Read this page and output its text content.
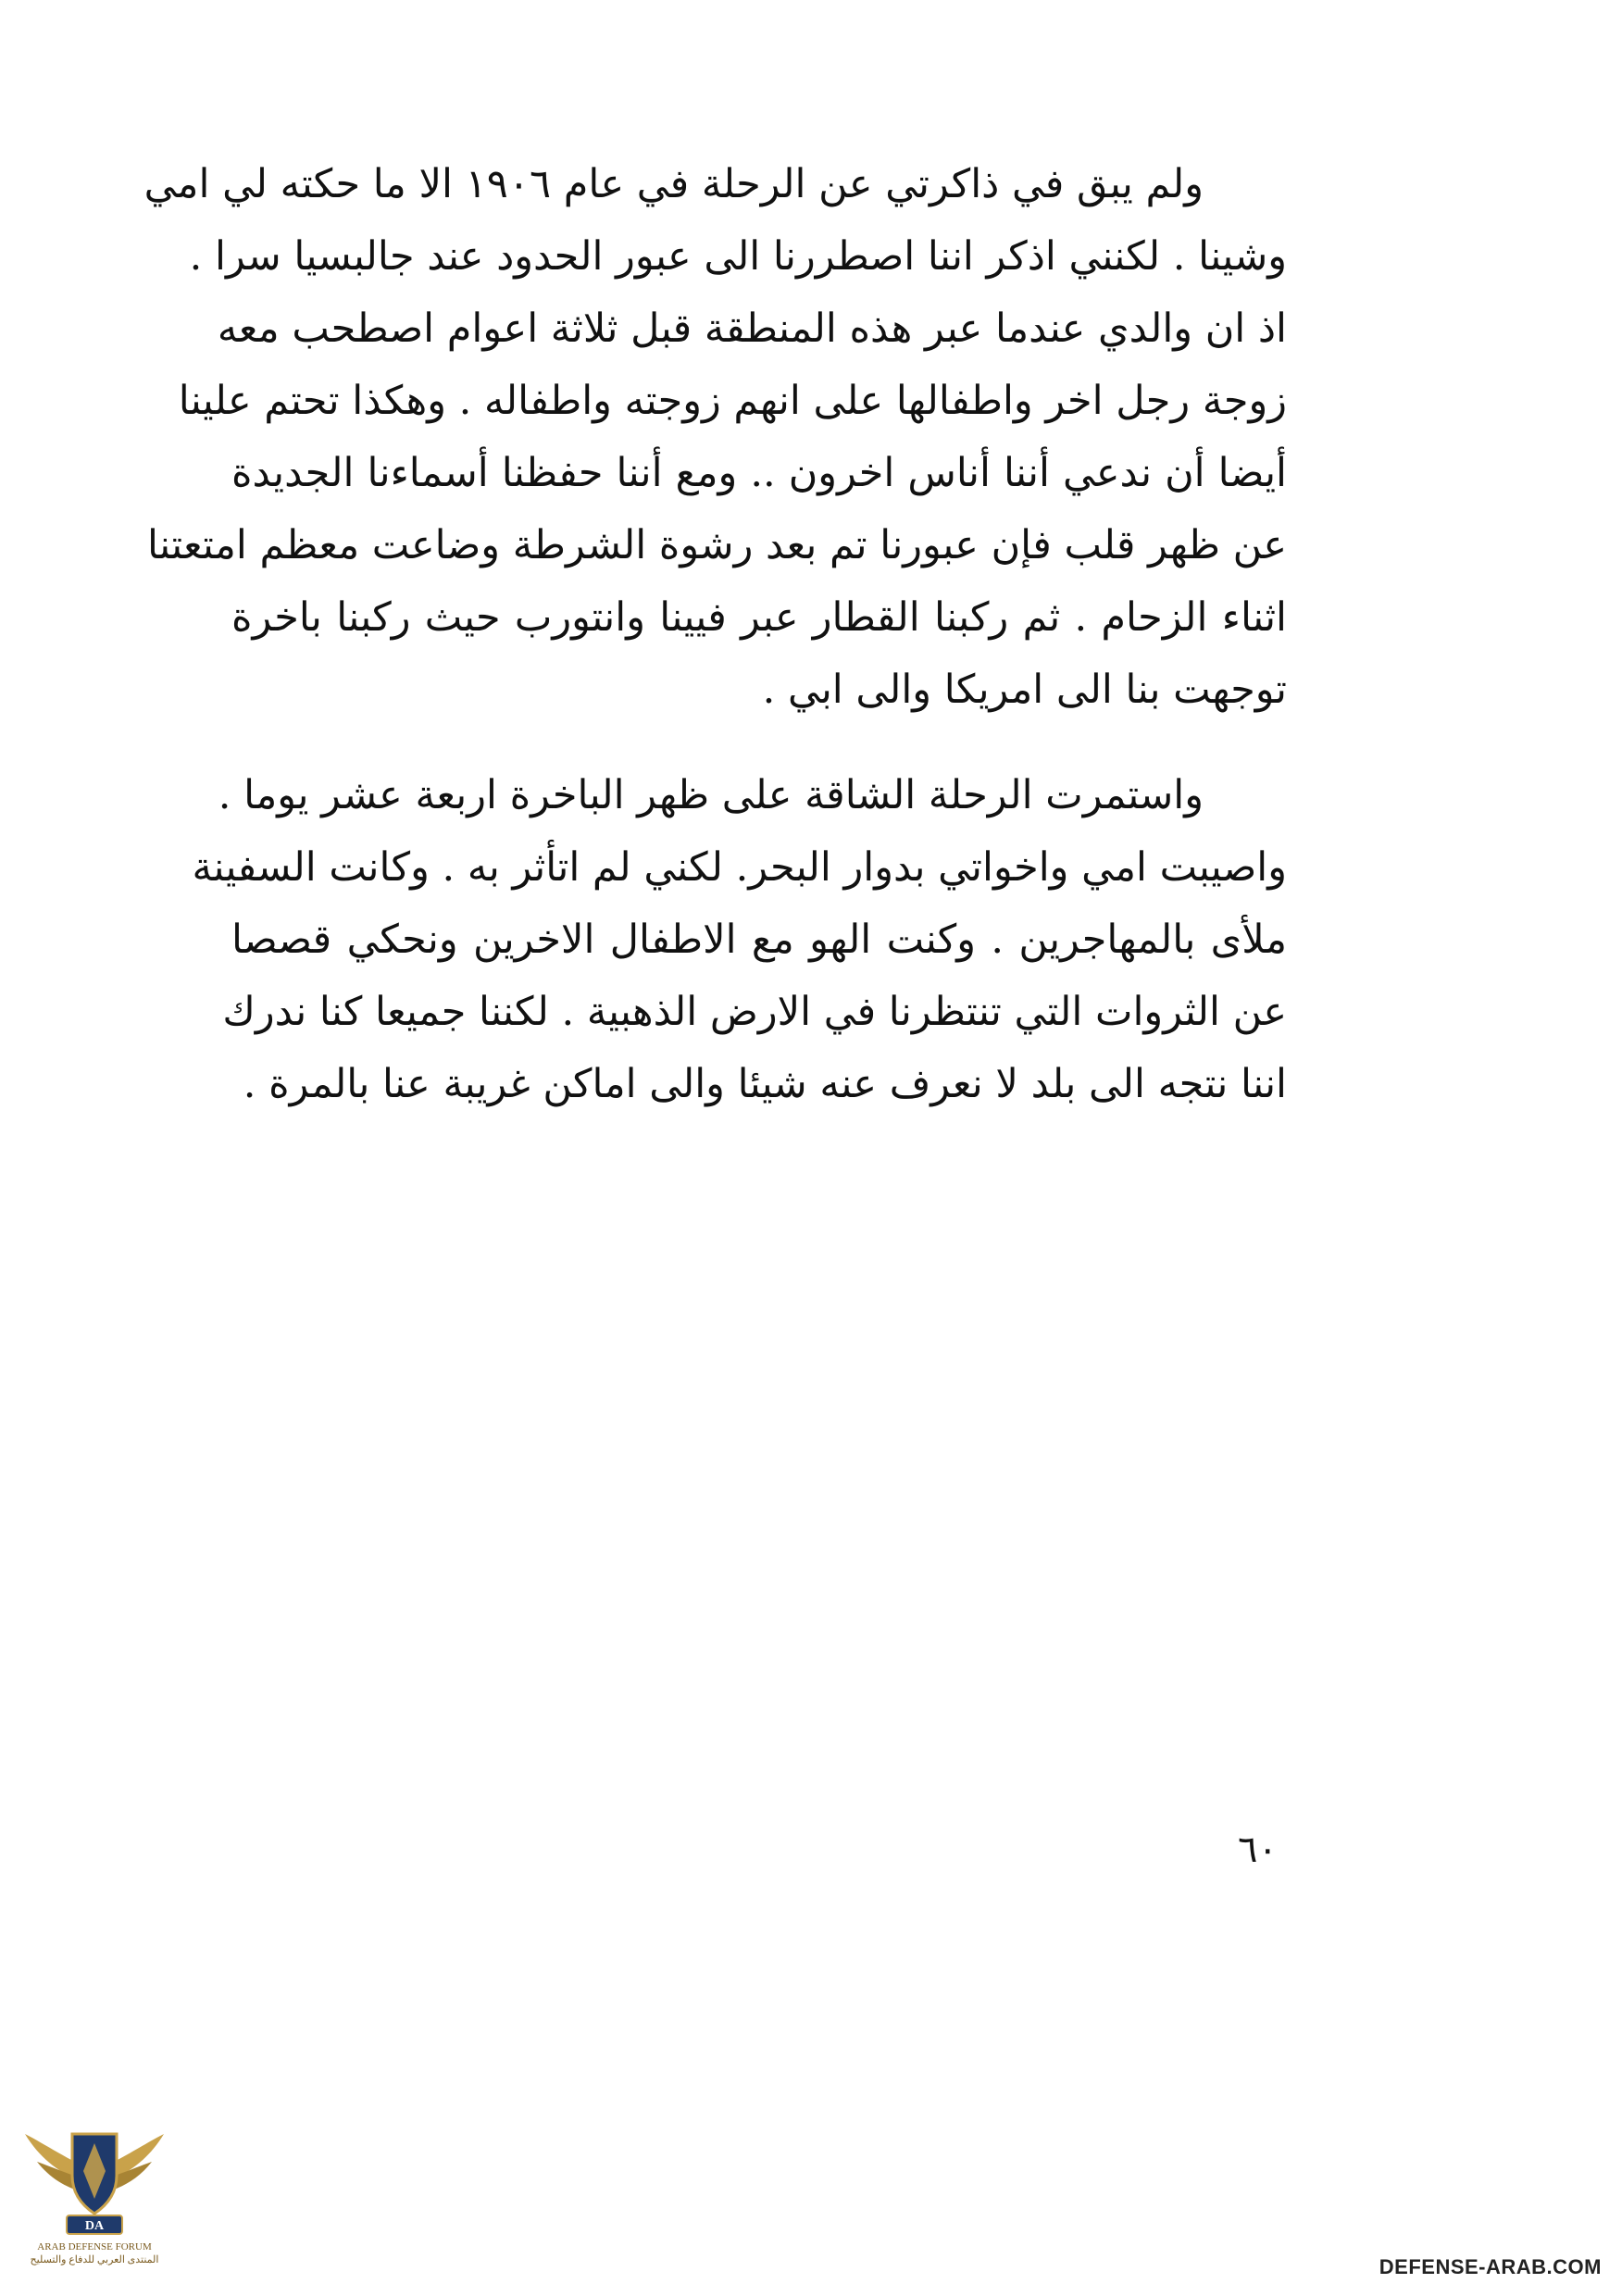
ولم يبق في ذاكرتي عن الرحلة في عام ١٩٠٦ الا ما حكته لي امي
وشينا . لكنني اذكر اننا اصطررنا الى عبور الحدود عند جالبسيا سرا .
اذ ان والدي عندما عبر هذه المنطقة قبل ثلاثة اعوام اصطحب معه
زوجة رجل اخر واطفالها على انهم زوجته واطفاله . وهكذا تحتم علينا
أيضا أن ندعي أننا أناس اخرون .. ومع أننا حفظنا أسماءنا الجديدة
عن ظهر قلب فإن عبورنا تم بعد رشوة الشرطة وضاعت معظم امتعتنا
اثناء الزحام . ثم ركبنا القطار عبر فيينا وانتورب حيث ركبنا باخرة
توجهت بنا الى امريكا والى ابي .
واستمرت الرحلة الشاقة على ظهر الباخرة اربعة عشر يوما .
واصيبت امي واخواتي بدوار البحر. لكني لم اتأثر به . وكانت السفينة
ملأى بالمهاجرين . وكنت الهو مع الاطفال الاخرين ونحكي قصصا
عن الثروات التي تنتظرنا في الارض الذهبية . لكننا جميعا كنا ندرك
اننا نتجه الى بلد لا نعرف عنه شيئا والى اماكن غريبة عنا بالمرة .
٦٠
DA
ARAB DEFENSE FORUM
المنتدى العربي للدفاع والتسليح	DEFENSE-ARAB.COM
